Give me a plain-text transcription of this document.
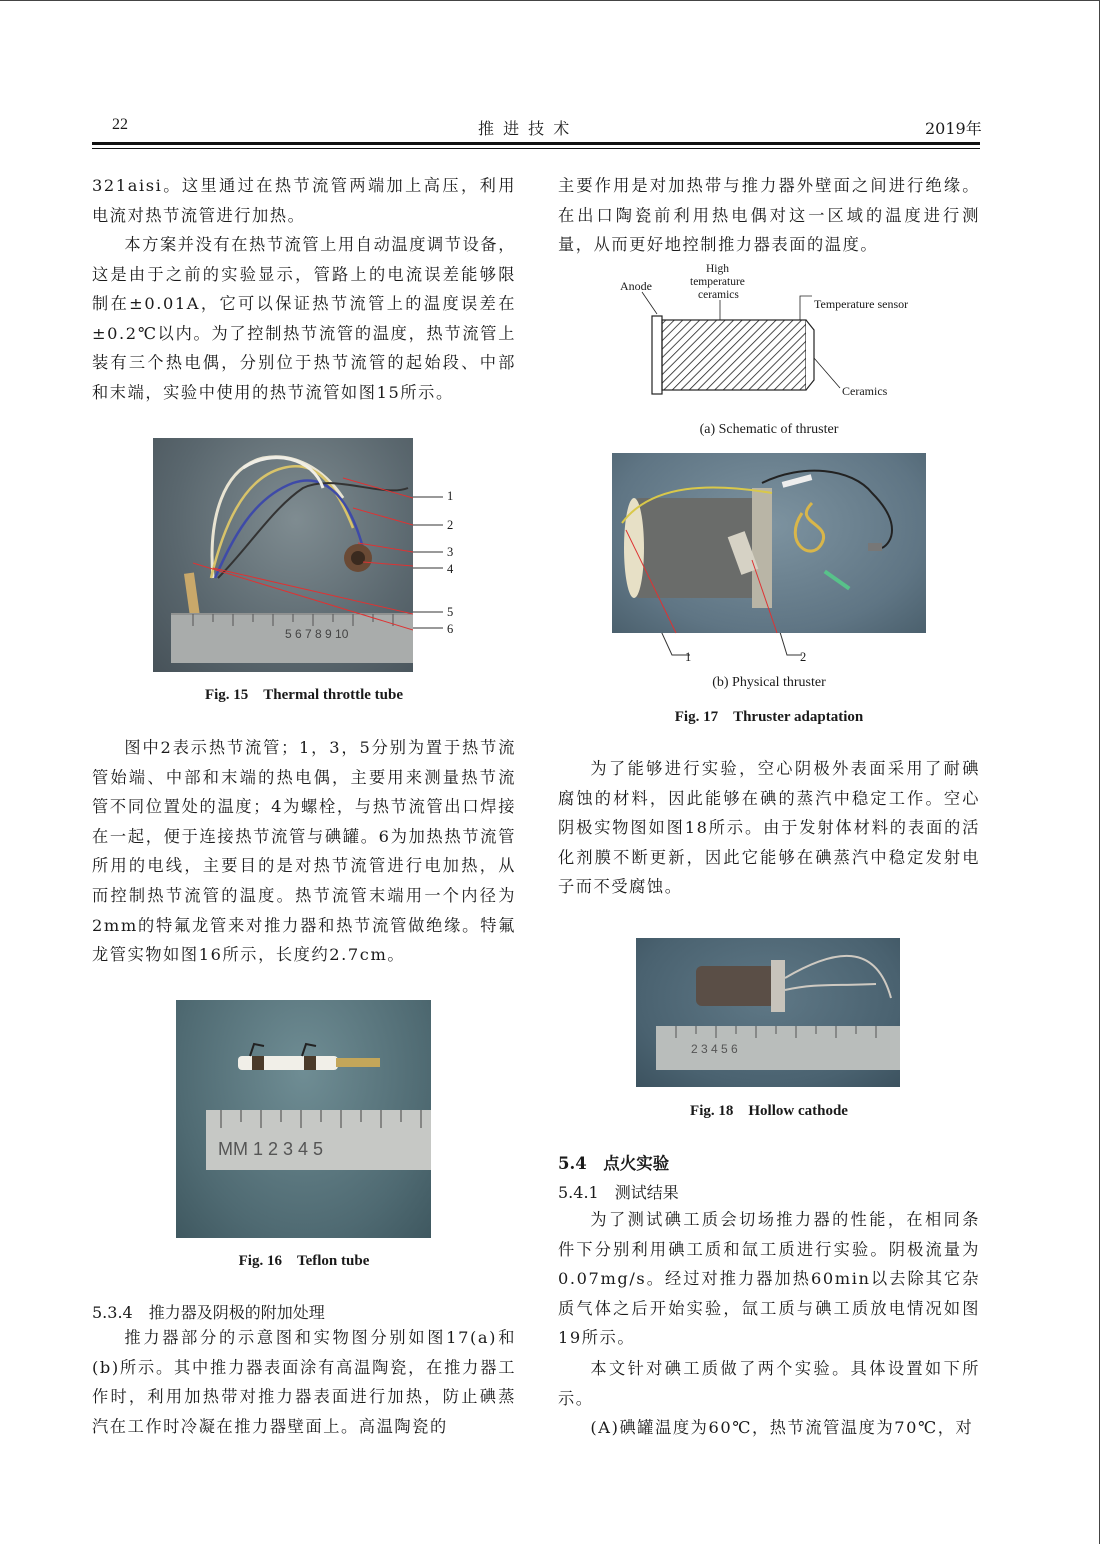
22	推 进 技 术	2019年

321aisi。这里通过在热节流管两端加上高压，利用电流对热节流管进行加热。

本方案并没有在热节流管上用自动温度调节设备，这是由于之前的实验显示，管路上的电流误差能够限制在±0.01A，它可以保证热节流管上的温度误差在±0.2℃以内。为了控制热节流管的温度，热节流管上装有三个热电偶，分别位于热节流管的起始段、中部和末端，实验中使用的热节流管如图15所示。

5 6 7 8 9 10
1
2
3
4
5
6
Fig. 15　Thermal throttle tube

图中2表示热节流管；1，3，5分别为置于热节流管始端、中部和末端的热电偶，主要用来测量热节流管不同位置处的温度；4为螺栓，与热节流管出口焊接在一起，便于连接热节流管与碘罐。6为加热热节流管所用的电线，主要目的是对热节流管进行电加热，从而控制热节流管的温度。热节流管末端用一个内径为2mm的特氟龙管来对推力器和热节流管做绝缘。特氟龙管实物如图16所示，长度约2.7cm。

MM 1 2 3 4 5
Fig. 16　Teflon tube
5.3.4　推力器及阴极的附加处理

推力器部分的示意图和实物图分别如图17(a)和(b)所示。其中推力器表面涂有高温陶瓷，在推力器工作时，利用加热带对推力器表面进行加热，防止碘蒸汽在工作时冷凝在推力器壁面上。高温陶瓷的

主要作用是对加热带与推力器外壁面之间进行绝缘。在出口陶瓷前利用热电偶对这一区域的温度进行测量，从而更好地控制推力器表面的温度。

Anode
High
temperature
ceramics
Temperature sensor
Ceramics
(a) Schematic of thruster
1	2
(b) Physical thruster
Fig. 17　Thruster adaptation

为了能够进行实验，空心阴极外表面采用了耐碘腐蚀的材料，因此能够在碘的蒸汽中稳定工作。空心阴极实物图如图18所示。由于发射体材料的表面的活化剂膜不断更新，因此它能够在碘蒸汽中稳定发射电子而不受腐蚀。

2 3 4 5 6
Fig. 18　Hollow cathode
5.4　点火实验
5.4.1　测试结果

为了测试碘工质会切场推力器的性能，在相同条件下分别利用碘工质和氙工质进行实验。阴极流量为0.07mg/s。经过对推力器加热60min以去除其它杂质气体之后开始实验，氙工质与碘工质放电情况如图19所示。

本文针对碘工质做了两个实验。具体设置如下所示。

(A)碘罐温度为60℃，热节流管温度为70℃，对
